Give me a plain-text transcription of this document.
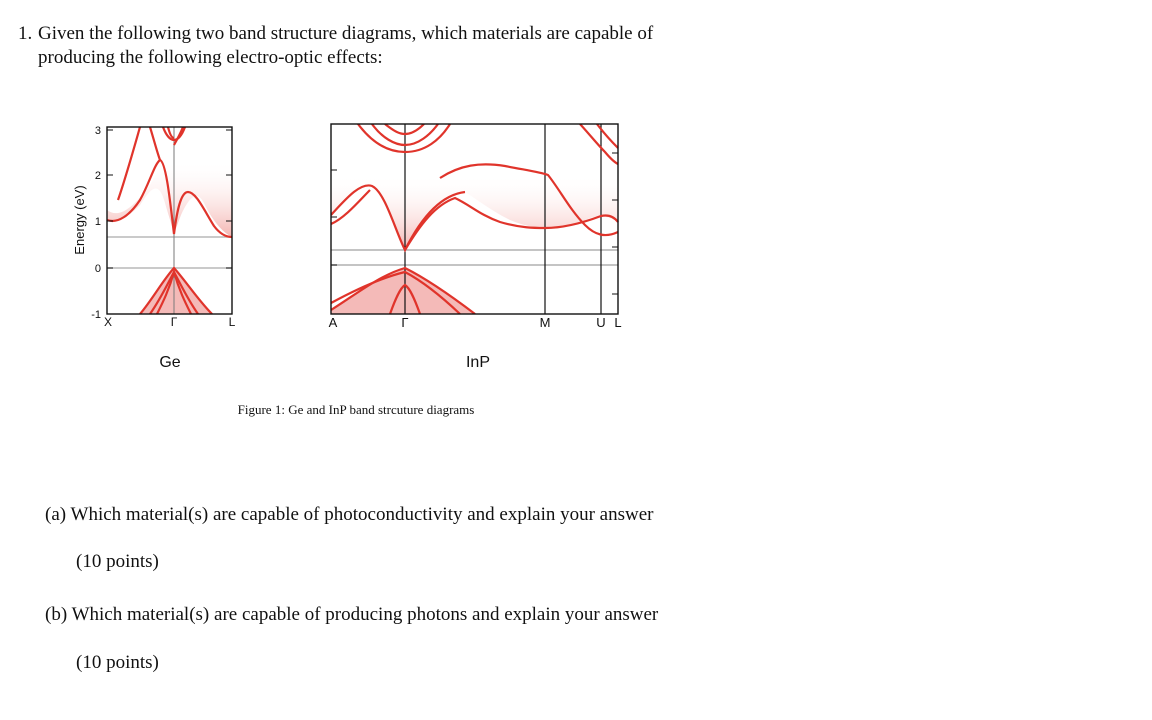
1. Given the following two band structure diagrams, which materials are capable of
producing the following electro-optic effects:
3
2
1
0
-1
Energy (eV)
X	Γ	L
Ge
A	Γ	M	U L
InP
Figure 1: Ge and InP band strcuture diagrams
(a) Which material(s) are capable of photoconductivity and explain your answer
(10 points)
(b) Which material(s) are capable of producing photons and explain your answer
(10 points)
